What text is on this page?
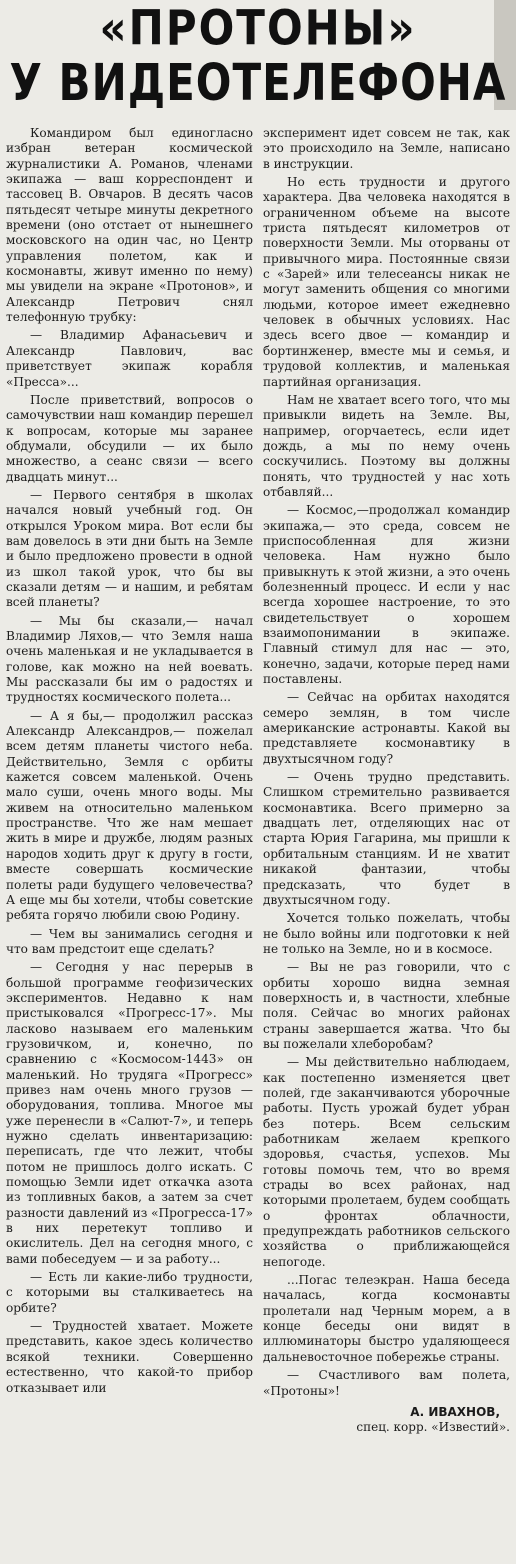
«ПРОТОНЫ»
У ВИДЕОТЕЛЕФОНА

Командиром был единогласно избран ветеран космической журналистики А. Романов, членами экипажа — ваш корреспондент и тассовец В. Овчаров. В десять часов пятьдесят четыре минуты декретного времени (оно отстает от нынешнего московского на один час, но Центр управления полетом, как и космонавты, живут именно по нему) мы увидели на экране «Протонов», и Александр Петрович снял телефонную трубку:

— Владимир Афанасьевич и Александр Павлович, вас приветствует экипаж корабля «Пресса»...

После приветствий, вопросов о самочувствии наш командир перешел к вопросам, которые мы заранее обдумали, обсудили — их было множество, а сеанс связи — всего двадцать минут...

— Первого сентября в школах начался новый учебный год. Он открылся Уроком мира. Вот если бы вам довелось в эти дни быть на Земле и было предложено провести в одной из школ такой урок, что бы вы сказали детям — и нашим, и ребятам всей планеты?

— Мы бы сказали,— начал Владимир Ляхов,— что Земля наша очень маленькая и не укладывается в голове, как можно на ней воевать. Мы рассказали бы им о радостях и трудностях космического полета...

— А я бы,— продолжил рассказ Александр Александров,— пожелал всем детям планеты чистого неба. Действительно, Земля с орбиты кажется совсем маленькой. Очень мало суши, очень много воды. Мы живем на относительно маленьком пространстве. Что же нам мешает жить в мире и дружбе, людям разных народов ходить друг к другу в гости, вместе совершать космические полеты ради будущего человечества? А еще мы бы хотели, чтобы советские ребята горячо любили свою Родину.

— Чем вы занимались сегодня и что вам предстоит еще сделать?

— Сегодня у нас перерыв в большой программе геофизических экспериментов. Недавно к нам пристыковался «Прогресс-17». Мы ласково называем его маленьким грузовичком, и, конечно, по сравнению с «Космосом-1443» он маленький. Но трудяга «Прогресс» привез нам очень много грузов — оборудования, топлива. Многое мы уже перенесли в «Салют-7», и теперь нужно сделать инвентаризацию: переписать, где что лежит, чтобы потом не пришлось долго искать. С помощью Земли идет откачка азота из топливных баков, а затем за счет разности давлений из «Прогресса-17» в них перетекут топливо и окислитель. Дел на сегодня много, с вами побеседуем — и за работу...

— Есть ли какие-либо трудности, с которыми вы сталкиваетесь на орбите?

— Трудностей хватает. Можете представить, какое здесь количество всякой техники. Совершенно естественно, что какой-то прибор отказывает или

эксперимент идет совсем не так, как это происходило на Земле, написано в инструкции.

Но есть трудности и другого характера. Два человека находятся в ограниченном объеме на высоте триста пятьдесят километров от поверхности Земли. Мы оторваны от привычного мира. Постоянные связи с «Зарей» или телесеансы никак не могут заменить общения со многими людьми, которое имеет ежедневно человек в обычных условиях. Нас здесь всего двое — командир и бортинженер, вместе мы и семья, и трудовой коллектив, и маленькая партийная организация.

Нам не хватает всего того, что мы привыкли видеть на Земле. Вы, например, огорчаетесь, если идет дождь, а мы по нему очень соскучились. Поэтому вы должны понять, что трудностей у нас хоть отбавляй...

— Космос,—продолжал командир экипажа,— это среда, совсем не приспособленная для жизни человека. Нам нужно было привыкнуть к этой жизни, а это очень болезненный процесс. И если у нас всегда хорошее настроение, то это свидетельствует о хорошем взаимопонимании в экипаже. Главный стимул для нас — это, конечно, задачи, которые перед нами поставлены.

— Сейчас на орбитах находятся семеро землян, в том числе американские астронавты. Какой вы представляете космонавтику в двухтысячном году?

— Очень трудно представить. Слишком стремительно развивается космонавтика. Всего примерно за двадцать лет, отделяющих нас от старта Юрия Гагарина, мы пришли к орбитальным станциям. И не хватит никакой фантазии, чтобы предсказать, что будет в двухтысячном году.

Хочется только пожелать, чтобы не было войны или подготовки к ней не только на Земле, но и в космосе.

— Вы не раз говорили, что с орбиты хорошо видна земная поверхность и, в частности, хлебные поля. Сейчас во многих районах страны завершается жатва. Что бы вы пожелали хлеборобам?

— Мы действительно наблюдаем, как постепенно изменяется цвет полей, где заканчиваются уборочные работы. Пусть урожай будет убран без потерь. Всем сельским работникам желаем крепкого здоровья, счастья, успехов. Мы готовы помочь тем, что во время страды во всех районах, над которыми пролетаем, будем сообщать о фронтах облачности, предупреждать работников сельского хозяйства о приближающейся непогоде.

...Погас телеэкран. Наша беседа началась, когда космонавты пролетали над Черным морем, а в конце беседы они видят в иллюминаторы быстро удаляющееся дальневосточное побережье страны.

— Счастливого вам полета, «Протоны»!

А. ИВАХНОВ,
спец. корр. «Известий».
